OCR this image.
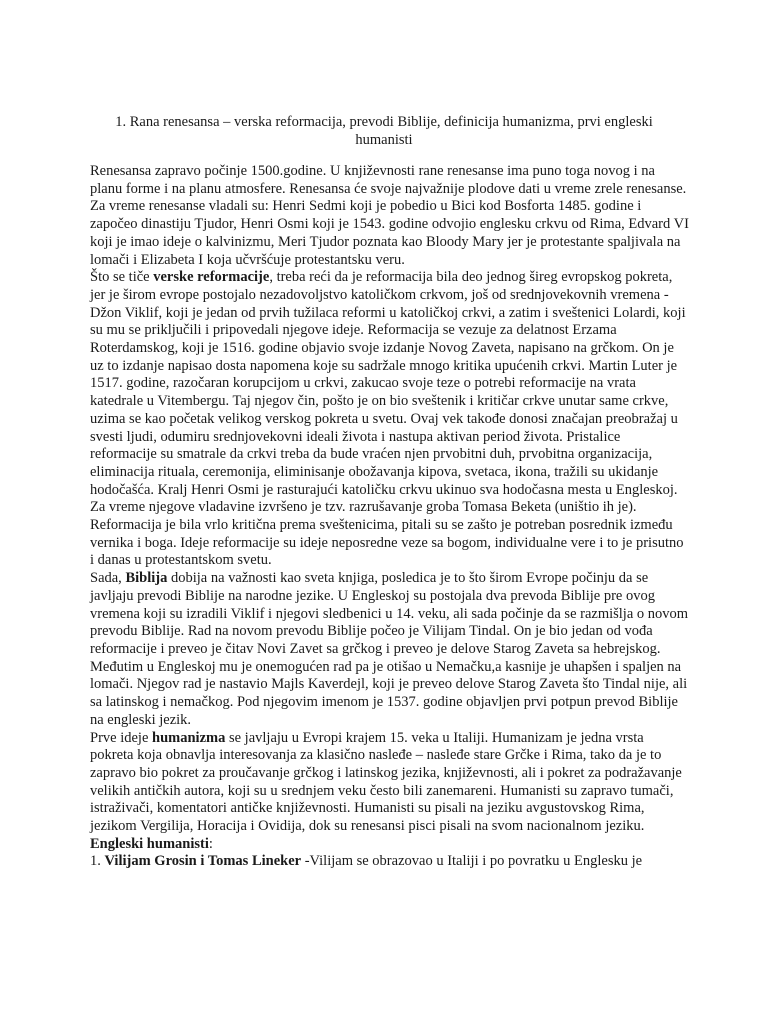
1. Rana renesansa – verska reformacija, prevodi Biblije, definicija humanizma, prvi engleski humanisti

Renesansa zapravo počinje 1500.godine. U književnosti rane renesanse ima puno toga novog i na planu forme i na planu atmosfere. Renesansa će svoje najvažnije plodove dati u vreme zrele renesanse. Za vreme renesanse vladali su: Henri Sedmi koji je pobedio u Bici kod Bosforta 1485. godine i započeo dinastiju Tjudor, Henri Osmi koji je 1543. godine odvojio englesku crkvu od Rima, Edvard VI koji je imao ideje o kalvinizmu, Meri Tjudor poznata kao Bloody Mary jer je protestante spaljivala na lomači i Elizabeta I koja učvršćuje protestantsku veru.

Što se tiče verske reformacije, treba reći da je reformacija bila deo jednog šireg evropskog pokreta, jer je širom evrope postojalo nezadovoljstvo katoličkom crkvom, još od srednjovekovnih vremena - Džon Viklif, koji je jedan od prvih tužilaca reformi u katoličkoj crkvi, a zatim i sveštenici Lolardi, koji su mu se priključili i pripovedali njegove ideje. Reformacija se vezuje za delatnost Erzama Roterdamskog, koji je 1516. godine objavio svoje izdanje Novog Zaveta, napisano na grčkom. On je uz to izdanje napisao dosta napomena koje su sadržale mnogo kritika upućenih crkvi. Martin Luter je 1517. godine, razočaran korupcijom u crkvi, zakucao svoje teze o potrebi reformacije na vrata katedrale u Vitembergu. Taj njegov čin, pošto je on bio sveštenik i kritičar crkve unutar same crkve, uzima se kao početak velikog verskog pokreta u svetu. Ovaj vek takođe donosi značajan preobražaj u svesti ljudi, odumiru srednjovekovni ideali života i nastupa aktivan period života. Pristalice reformacije su smatrale da crkvi treba da bude vraćen njen prvobitni duh, prvobitna organizacija, eliminacija rituala, ceremonija, eliminisanje obožavanja kipova, svetaca, ikona, tražili su ukidanje hodočašća. Kralj Henri Osmi je rasturajući katoličku crkvu ukinuo sva hodočasna mesta u Engleskoj. Za vreme njegove vladavine izvršeno je tzv. razrušavanje groba Tomasa Beketa (uništio ih je). Reformacija je bila vrlo kritična prema sveštenicima, pitali su se zašto je potreban posrednik između vernika i boga. Ideje reformacije su ideje neposredne veze sa bogom, individualne vere i to je prisutno i danas u protestantskom svetu.

Sada, Biblija dobija na važnosti kao sveta knjiga, posledica je to što širom Evrope počinju da se javljaju prevodi Biblije na narodne jezike. U Engleskoj su postojala dva prevoda Biblije pre ovog vremena koji su izradili Viklif i njegovi sledbenici u 14. veku, ali sada počinje da se razmišlja o novom prevodu Biblije. Rad na novom prevodu Biblije počeo je Vilijam Tindal. On je bio jedan od vođa reformacije i preveo je čitav Novi Zavet sa grčkog i preveo je delove Starog Zaveta sa hebrejskog. Međutim u Engleskoj mu je onemogućen rad pa je otišao u Nemačku,a kasnije je uhapšen i spaljen na lomači. Njegov rad je nastavio Majls Kaverdejl, koji je preveo delove Starog Zaveta što Tindal nije, ali sa latinskog i nemačkog. Pod njegovim imenom je 1537. godine objavljen prvi potpun prevod Biblije na engleski jezik.

Prve ideje humanizma se javljaju u Evropi krajem 15. veka u Italiji. Humanizam je jedna vrsta pokreta koja obnavlja interesovanja za klasično nasleđe – nasleđe stare Grčke i Rima, tako da je to zapravo bio pokret za proučavanje grčkog i latinskog jezika, književnosti, ali i pokret za podražavanje velikih antičkih autora, koji su u srednjem veku često bili zanemareni. Humanisti su zapravo tumači, istraživači, komentatori antičke književnosti. Humanisti su pisali na jeziku avgustovskog Rima, jezikom Vergilija, Horacija i Ovidija, dok su renesansi pisci pisali na svom nacionalnom jeziku.

Engleski humanisti:

1. Vilijam Grosin i Tomas Lineker -Vilijam se obrazovao u Italiji i po povratku u Englesku je
